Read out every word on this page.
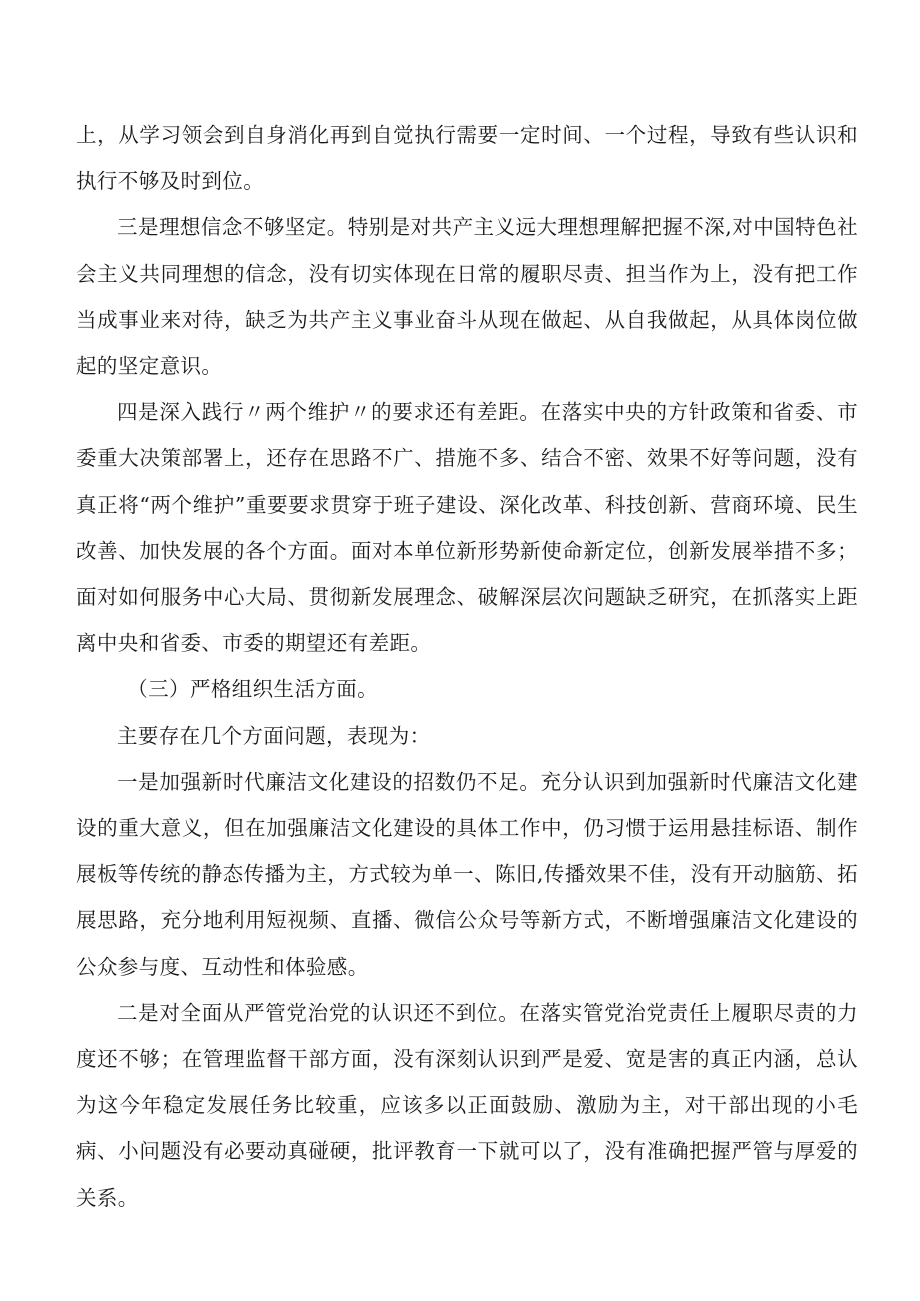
上，从学习领会到自身消化再到自觉执行需要一定时间、一个过程，导致有些认识和执行不够及时到位。

三是理想信念不够坚定。特别是对共产主义远大理想理解把握不深,对中国特色社会主义共同理想的信念，没有切实体现在日常的履职尽责、担当作为上，没有把工作当成事业来对待，缺乏为共产主义事业奋斗从现在做起、从自我做起，从具体岗位做起的坚定意识。

四是深入践行〃两个维护〃的要求还有差距。在落实中央的方针政策和省委、市委重大决策部署上，还存在思路不广、措施不多、结合不密、效果不好等问题，没有真正将“两个维护”重要要求贯穿于班子建设、深化改革、科技创新、营商环境、民生改善、加快发展的各个方面。面对本单位新形势新使命新定位，创新发展举措不多；面对如何服务中心大局、贯彻新发展理念、破解深层次问题缺乏研究，在抓落实上距离中央和省委、市委的期望还有差距。

（三）严格组织生活方面。

主要存在几个方面问题，表现为：

一是加强新时代廉洁文化建设的招数仍不足。充分认识到加强新时代廉洁文化建设的重大意义，但在加强廉洁文化建设的具体工作中，仍习惯于运用悬挂标语、制作展板等传统的静态传播为主，方式较为单一、陈旧,传播效果不佳，没有开动脑筋、拓展思路，充分地利用短视频、直播、微信公众号等新方式，不断增强廉洁文化建设的公众参与度、互动性和体验感。

二是对全面从严管党治党的认识还不到位。在落实管党治党责任上履职尽责的力度还不够；在管理监督干部方面，没有深刻认识到严是爱、宽是害的真正内涵，总认为这今年稳定发展任务比较重，应该多以正面鼓励、激励为主，对干部出现的小毛病、小问题没有必要动真碰硬，批评教育一下就可以了，没有准确把握严管与厚爱的关系。
